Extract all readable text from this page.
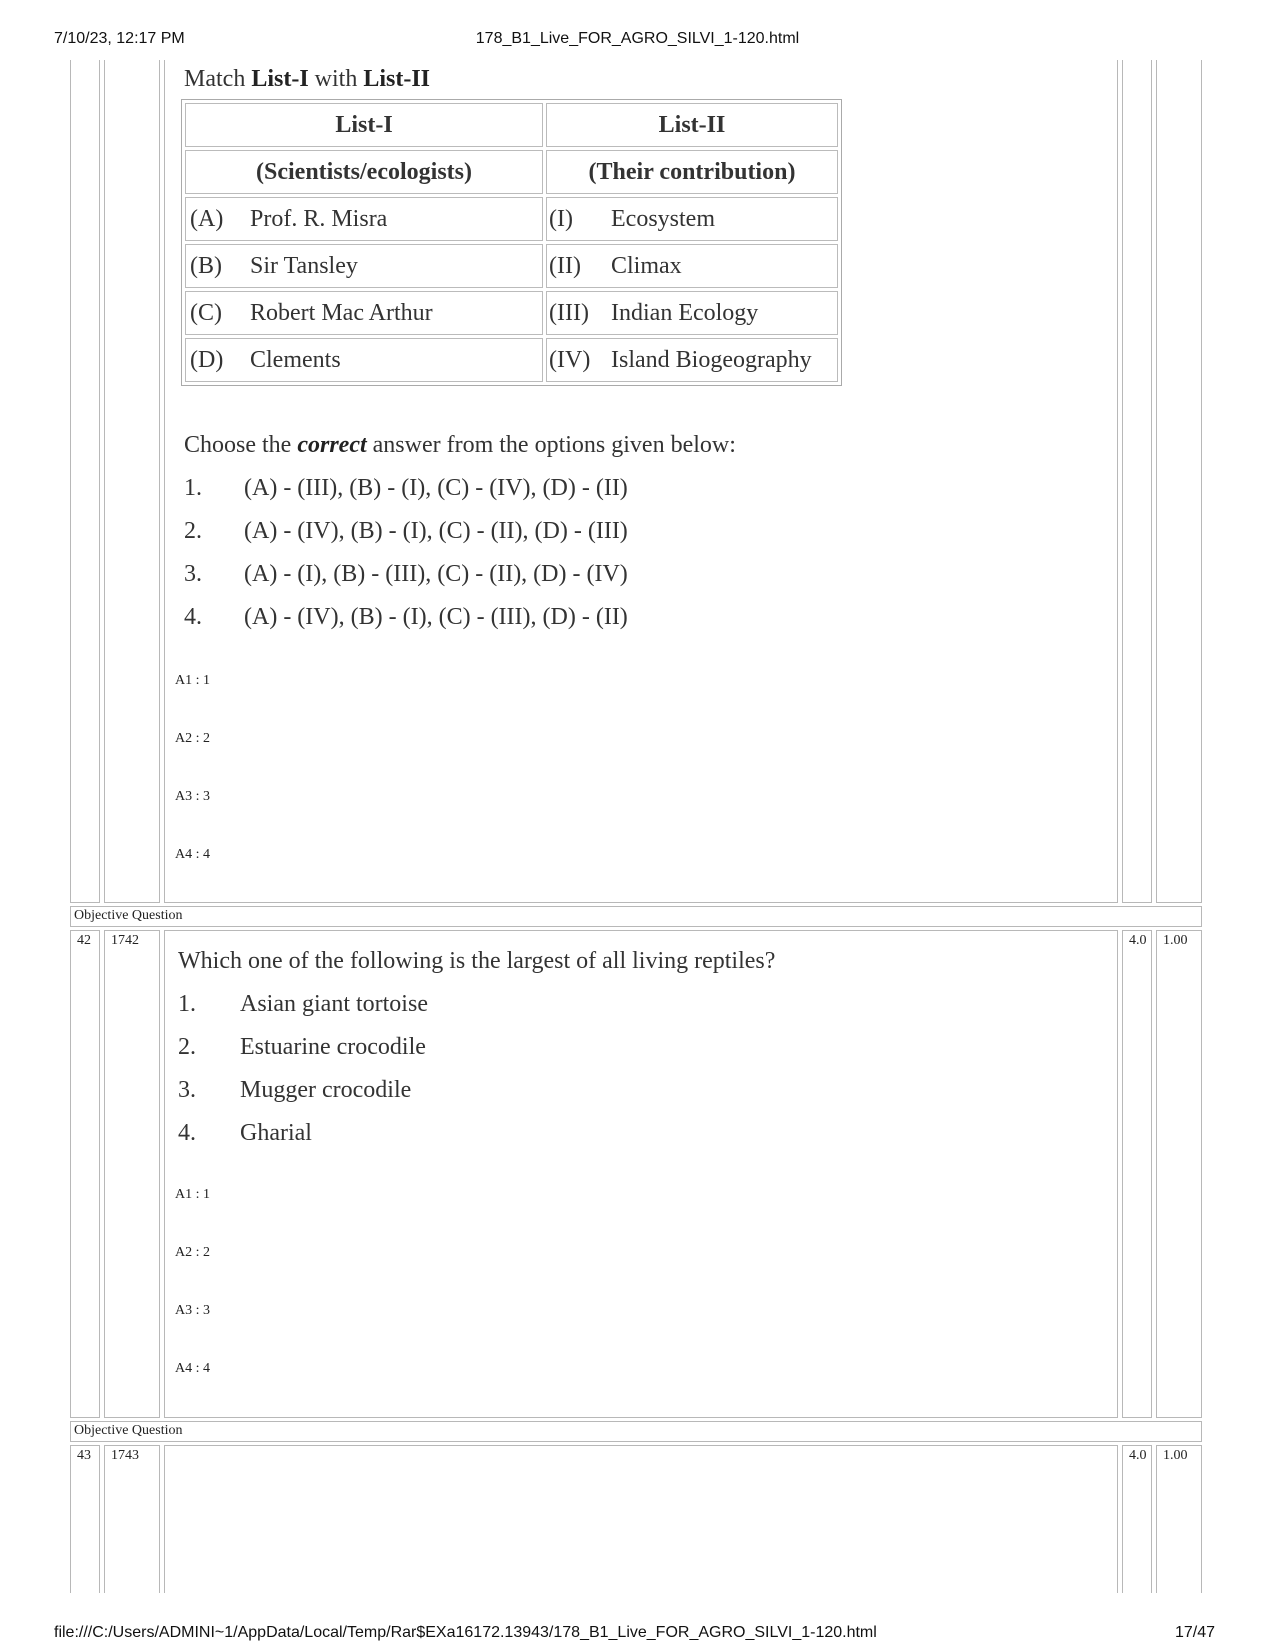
7/10/23, 12:17 PM	178_B1_Live_FOR_AGRO_SILVI_1-120.html
file:///C:/Users/ADMINI~1/AppData/Local/Temp/Rar$EXa16172.13943/178_B1_Live_FOR_AGRO_SILVI_1-120.html	17/47
Match List-I with List-II
List-I	List-II
(Scientists/ecologists)	(Their contribution)
(A) Prof. R. Misra	(I) Ecosystem
(B) Sir Tansley	(II) Climax
(C) Robert Mac Arthur	(III) Indian Ecology
(D) Clements	(IV) Island Biogeography
Choose the correct answer from the options given below:
1. (A) - (III), (B) - (I), (C) - (IV), (D) - (II)
2. (A) - (IV), (B) - (I), (C) - (II), (D) - (III)
3. (A) - (I), (B) - (III), (C) - (II), (D) - (IV)
4. (A) - (IV), (B) - (I), (C) - (III), (D) - (II)
A1 : 1
A2 : 2
A3 : 3
A4 : 4
Objective Question
42	1742	4.0	1.00
Which one of the following is the largest of all living reptiles?
1. Asian giant tortoise
2. Estuarine crocodile
3. Mugger crocodile
4. Gharial
A1 : 1
A2 : 2
A3 : 3
A4 : 4
Objective Question
43	1743	4.0	1.00
